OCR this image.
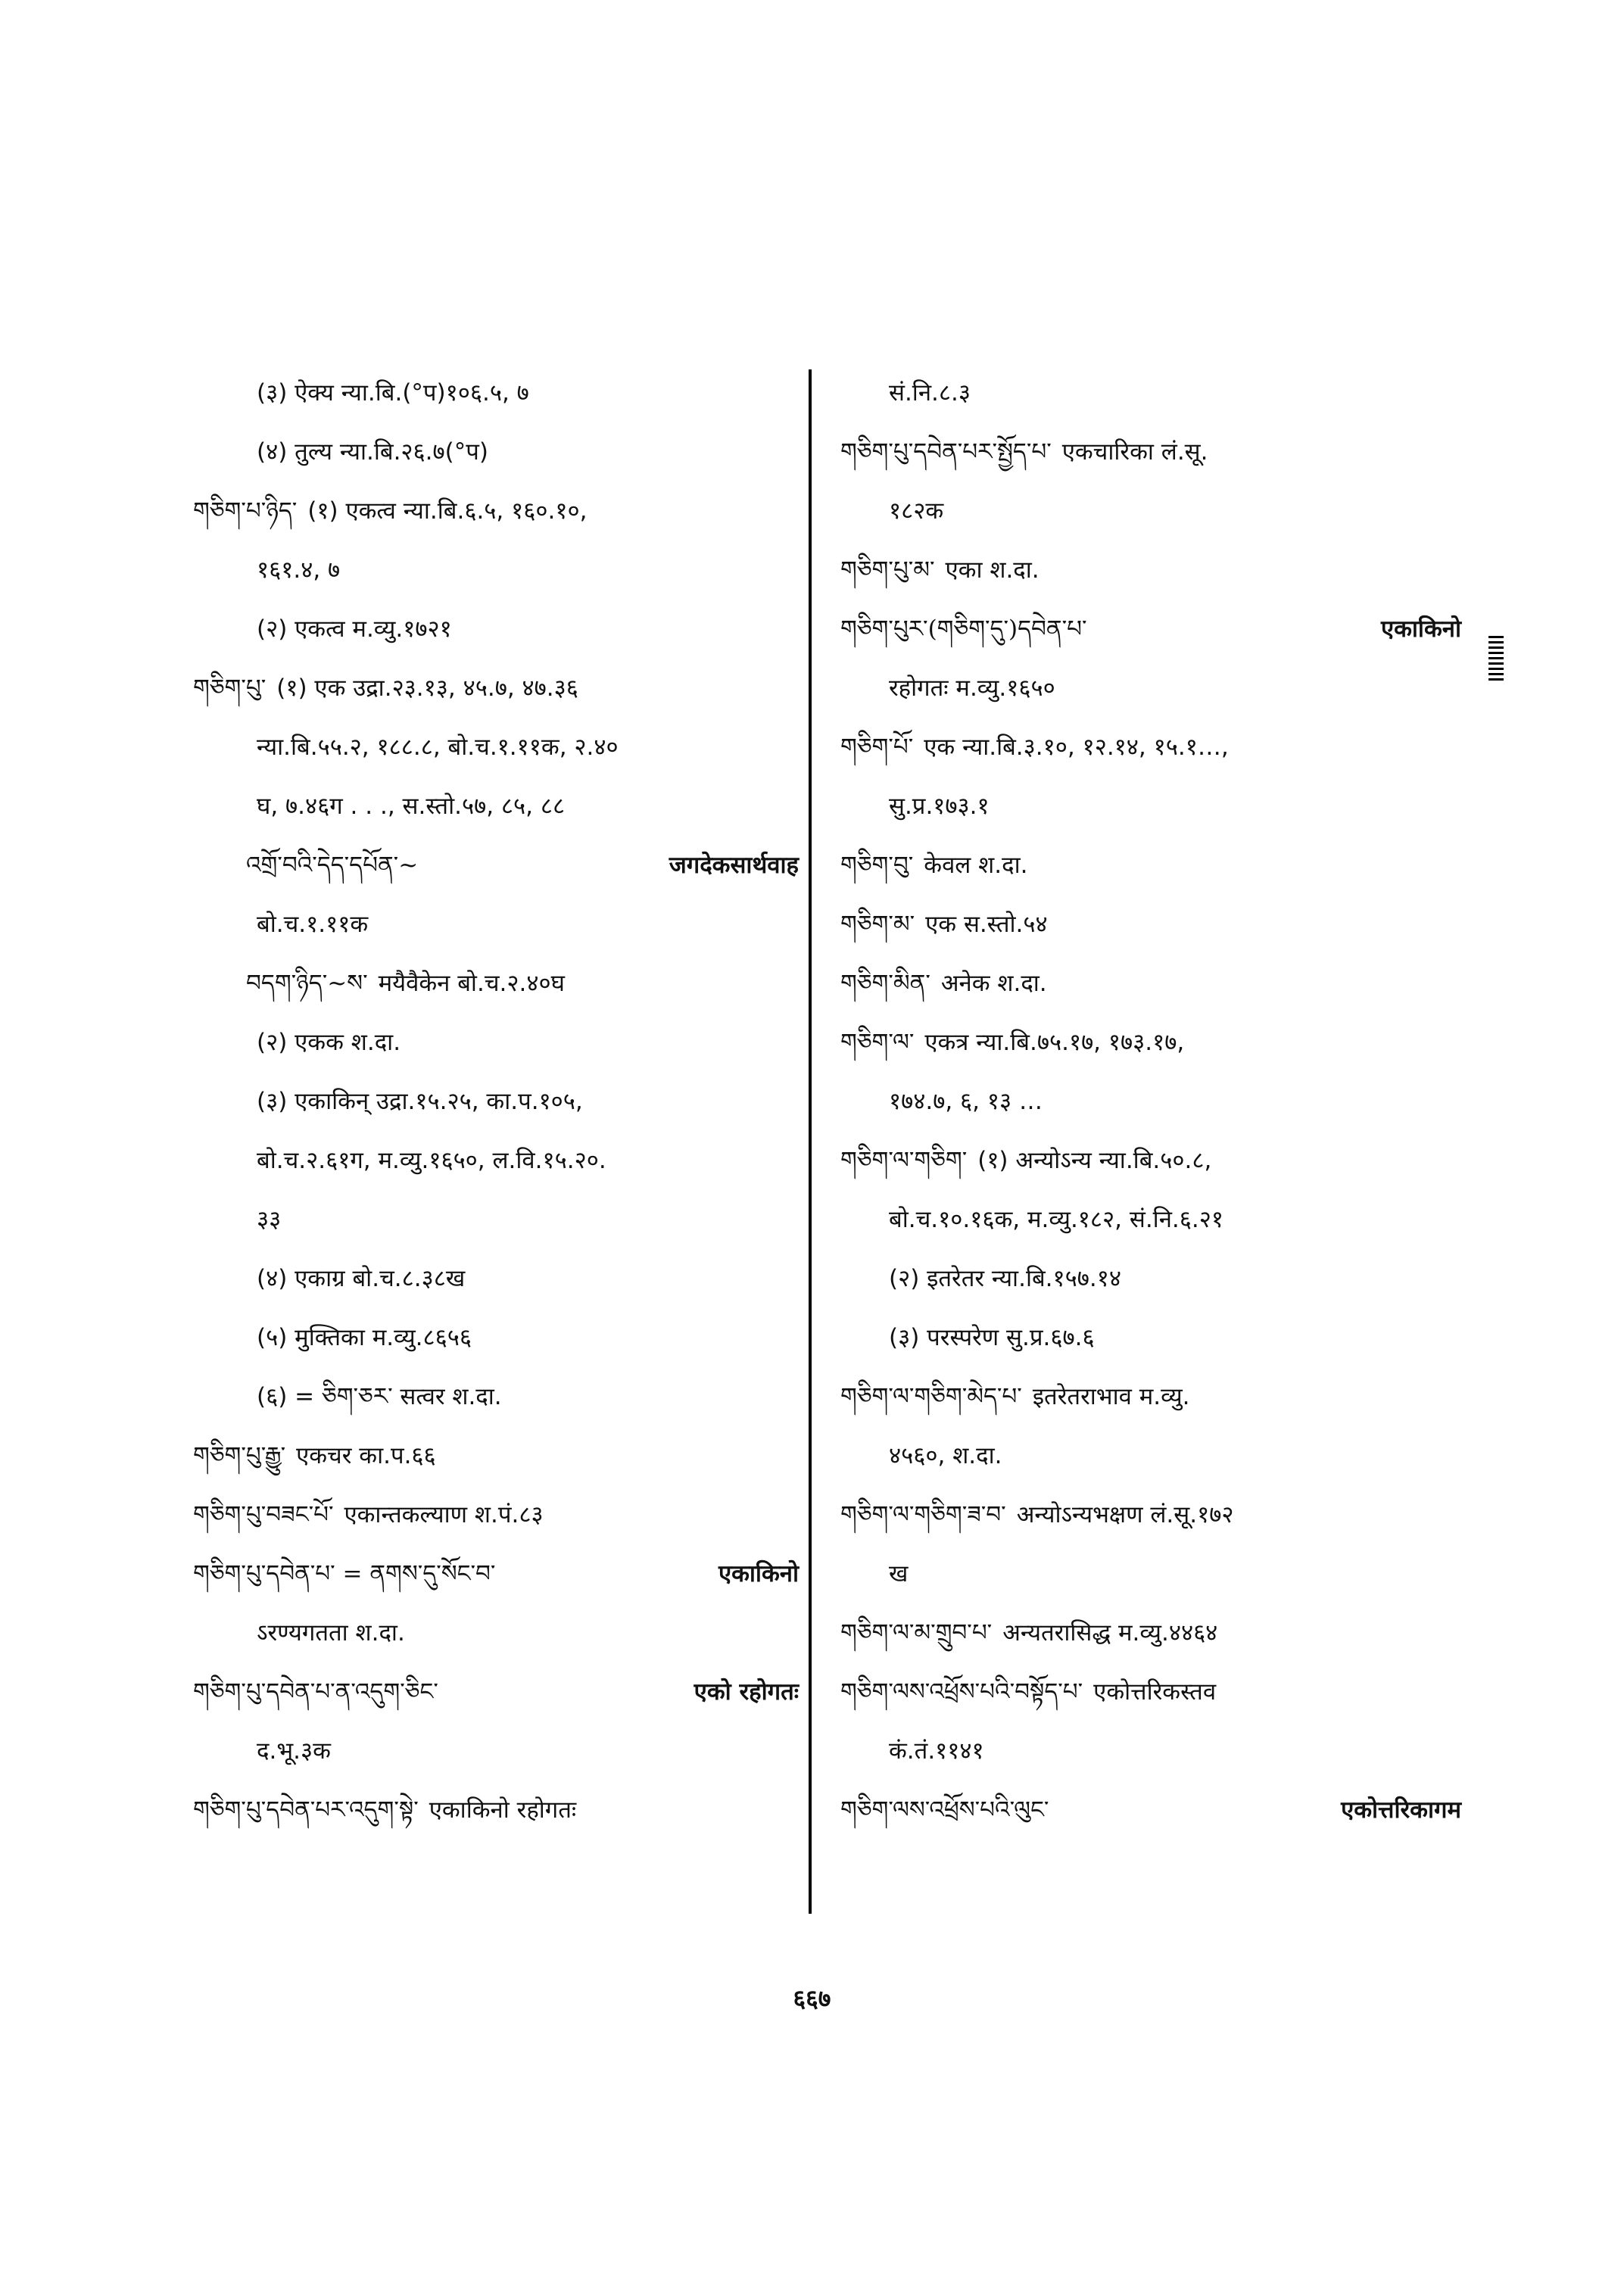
(३) ऐक्य न्या.बि.(°प)१०६.५, ७
(४) तुल्य न्या.बि.२६.७(°प)
གཅིག་པ་ཉིད་ (१) एकत्व न्या.बि.६.५, १६०.१०,
१६१.४, ७
(२) एकत्व म.व्यु.१७२१
གཅིག་པུ་ (१) एक उद्रा.२३.१३, ४५.७, ४७.३६
न्या.बि.५५.२, १८८.८, बो.च.१.११क, २.४०
घ, ७.४६ग . . ., स.स्तो.५७, ८५, ८८
འགྲོ་བའི་དེད་དཔོན་~	जगदेकसार्थवाह
बो.च.१.११क
བདག་ཉིད་~ས་ मयैवैकेन बो.च.२.४०घ
(२) एकक श.दा.
(३) एकाकिन् उद्रा.१५.२५, का.प.१०५,
बो.च.२.६१ग, म.व्यु.१६५०, ल.वि.१५.२०.
३३
(४) एकाग्र बो.च.८.३८ख
(५) मुक्तिका म.व्यु.८६५६
(६) = ཅིག་ཅར་ सत्वर श.दा.
གཅིག་པུ་རྒྱུ་ एकचर का.प.६६
གཅིག་པུ་བཟང་པོ་ एकान्तकल्याण श.पं.८३
གཅིག་པུ་དབེན་པ་ = ནགས་དུ་སོང་བ་	एकाकिनो
ऽरण्यगतता श.दा.
གཅིག་པུ་དབེན་པ་ན་འདུག་ཅིང་	एको रहोगतः
द.भू.३क
གཅིག་པུ་དབེན་པར་འདུག་སྟེ་ एकाकिनो रहोगतः
सं.नि.८.३
གཅིག་པུ་དབེན་པར་སྤྱོད་པ་ एकचारिका लं.सू.
१८२क
གཅིག་པུ་མ་ एका श.दा.
གཅིག་པུར་(གཅིག་དུ་)དབེན་པ་	एकाकिनो
रहोगतः म.व्यु.१६५०
གཅིག་པོ་ एक न्या.बि.३.१०, १२.१४, १५.१…,
सु.प्र.१७३.१
གཅིག་བུ་ केवल श.दा.
གཅིག་མ་ एक स.स्तो.५४
གཅིག་མིན་ अनेक श.दा.
གཅིག་ལ་ एकत्र न्या.बि.७५.१७, १७३.१७,
१७४.७, ६, १३ …
གཅིག་ལ་གཅིག་ (१) अन्योऽन्य न्या.बि.५०.८,
बो.च.१०.१६क, म.व्यु.१८२, सं.नि.६.२१
(२) इतरेतर न्या.बि.१५७.१४
(३) परस्परेण सु.प्र.६७.६
གཅིག་ལ་གཅིག་མེད་པ་ इतरेतराभाव म.व्यु.
४५६०, श.दा.
གཅིག་ལ་གཅིག་ཟ་བ་ अन्योऽन्यभक्षण लं.सू.१७२
ख
གཅིག་ལ་མ་གྲུབ་པ་ अन्यतरासिद्ध म.व्यु.४४६४
གཅིག་ལས་འཕྲོས་པའི་བསྟོད་པ་ एकोत्तरिकस्तव
कं.तं.११४१
གཅིག་ལས་འཕྲོས་པའི་ལུང་	एकोत्तरिकागम
६६७
